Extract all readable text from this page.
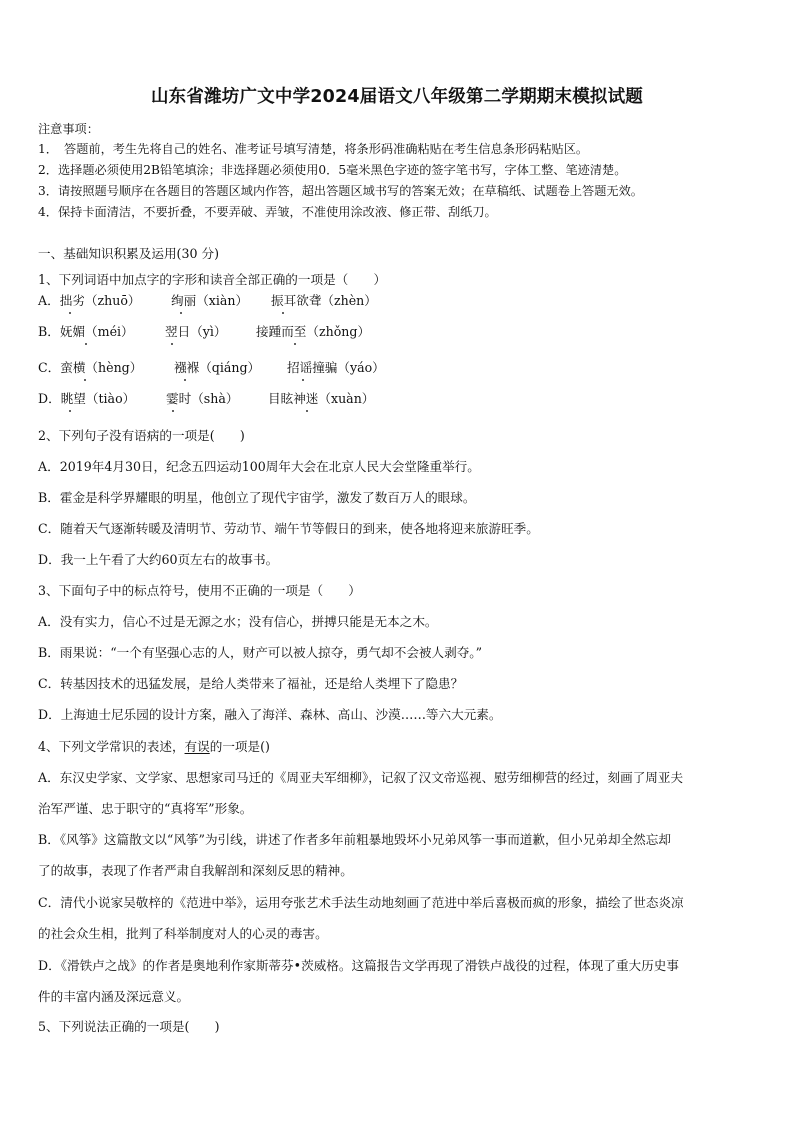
山东省潍坊广文中学2024届语文八年级第二学期期末模拟试题
注意事项：
1．　答题前，考生先将自己的姓名、准考证号填写清楚，将条形码准确粘贴在考生信息条形码粘贴区。
2．选择题必须使用2B铅笔填涂；非选择题必须使用0．5毫米黑色字迹的签字笔书写，字体工整、笔迹清楚。
3．请按照题号顺序在各题目的答题区域内作答，超出答题区域书写的答案无效；在草稿纸、试题卷上答题无效。
4．保持卡面清洁，不要折叠，不要弄破、弄皱，不准使用涂改液、修正带、刮纸刀。
一、基础知识积累及运用(30 分)
1、下列词语中加点字的字形和读音全部正确的一项是（　　）
A．拙劣（zhuō） 绚丽（xiàn） 振耳欲聋（zhèn）
B．妩媚（méi） 翌日（yì） 接踵而至（zhǒng）
C．蛮横（hèng）	襁褓（qiáng） 招谣撞骗（yáo）
D．眺望（tiào） 霎时（shà） 目眩神迷（xuàn）
2、下列句子没有语病的一项是(　　)
A．2019年4月30日，纪念五四运动100周年大会在北京人民大会堂隆重举行。
B．霍金是科学界耀眼的明星，他创立了现代宇宙学，激发了数百万人的眼球。
C．随着天气逐渐转暖及清明节、劳动节、端午节等假日的到来，使各地将迎来旅游旺季。
D．我一上午看了大约60页左右的故事书。
3、下面句子中的标点符号，使用不正确的一项是（　　）
A．没有实力，信心不过是无源之水；没有信心，拼搏只能是无本之木。
B．雨果说：“一个有坚强心志的人，财产可以被人掠夺，勇气却不会被人剥夺。”
C．转基因技术的迅猛发展，是给人类带来了福祉，还是给人类埋下了隐患？
D．上海迪士尼乐园的设计方案，融入了海洋、森林、高山、沙漠……等六大元素。
4、下列文学常识的表述，有误的一项是()
A．东汉史学家、文学家、思想家司马迁的《周亚夫军细柳》，记叙了汉文帝巡视、慰劳细柳营的经过，刻画了周亚夫
治军严谨、忠于职守的“真将军”形象。
B．《风筝》这篇散文以“风筝”为引线，讲述了作者多年前粗暴地毁坏小兄弟风筝一事而道歉，但小兄弟却全然忘却
了的故事，表现了作者严肃自我解剖和深刻反思的精神。
C．清代小说家吴敬梓的《范进中举》，运用夸张艺术手法生动地刻画了范进中举后喜极而疯的形象，描绘了世态炎凉
的社会众生相，批判了科举制度对人的心灵的毒害。
D．《滑铁卢之战》的作者是奥地利作家斯蒂芬•茨威格。这篇报告文学再现了滑铁卢战役的过程，体现了重大历史事
件的丰富内涵及深远意义。
5、下列说法正确的一项是(　　)
